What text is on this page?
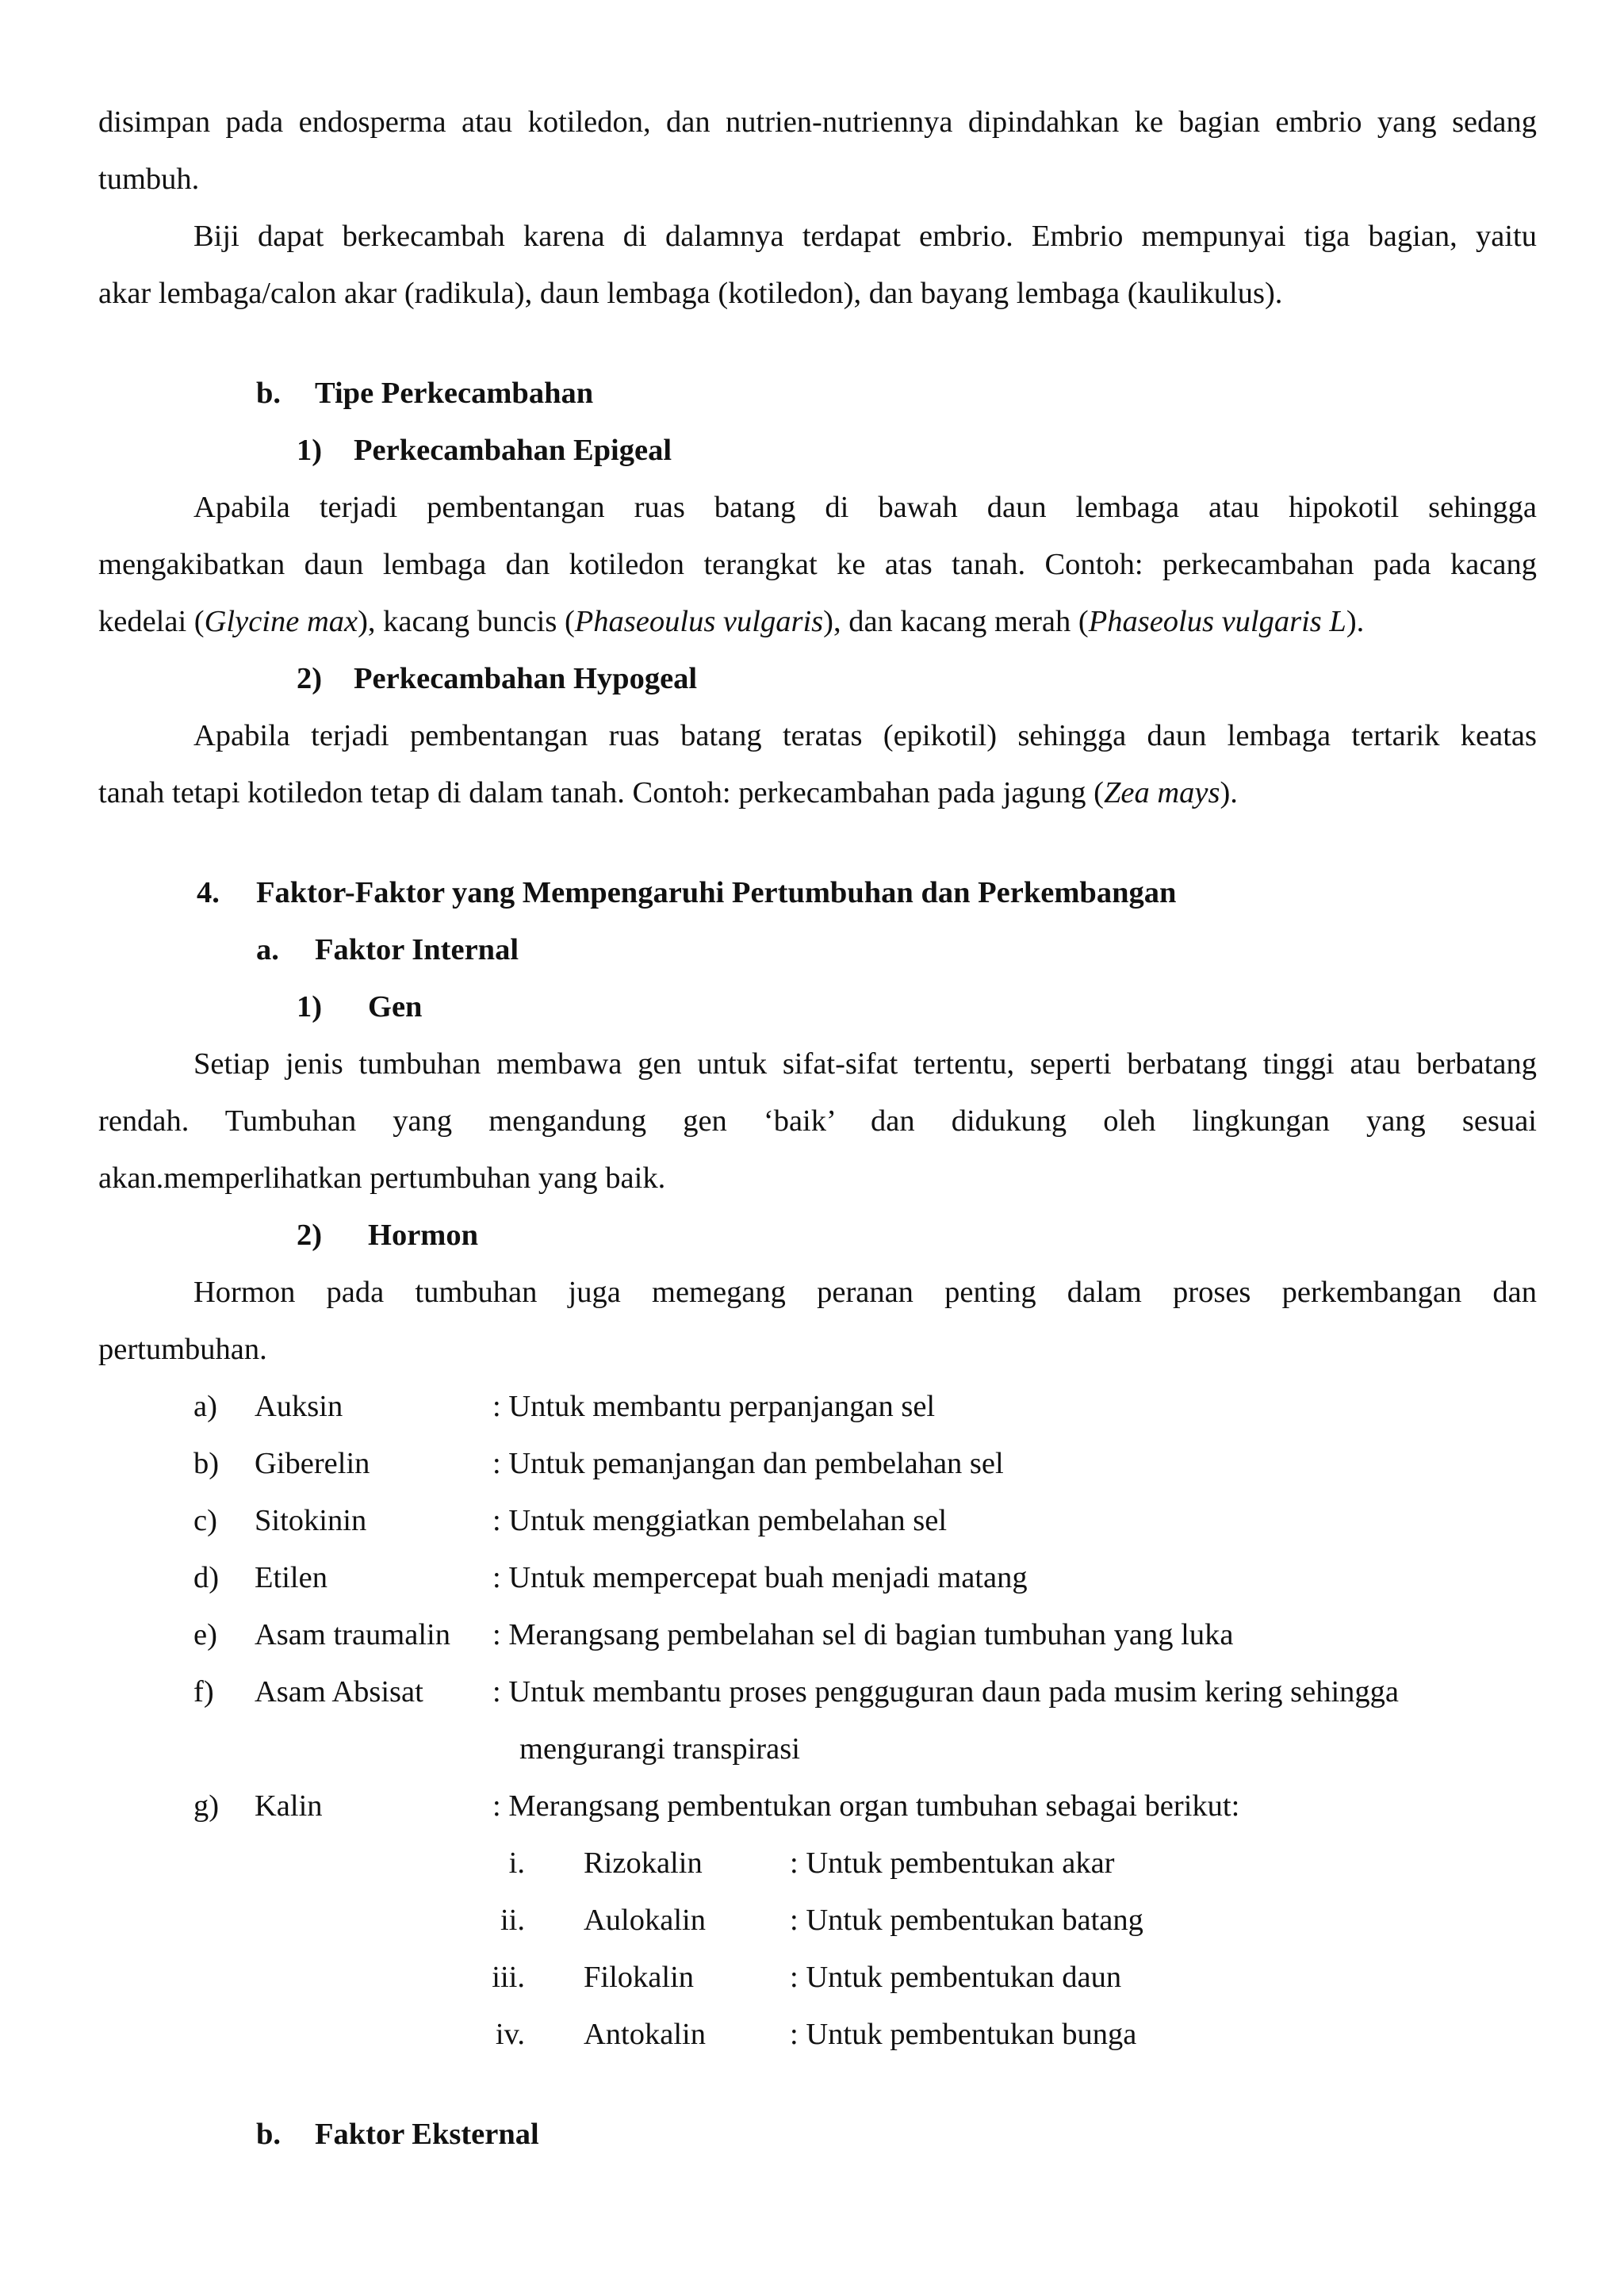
disimpan pada endosperma atau kotiledon, dan nutrien-nutriennya dipindahkan ke bagian embrio yang sedang
tumbuh.
Biji dapat berkecambah karena di dalamnya terdapat embrio. Embrio mempunyai tiga bagian, yaitu
akar lembaga/calon akar (radikula), daun lembaga (kotiledon), dan bayang lembaga (kaulikulus).
b. Tipe Perkecambahan
1) Perkecambahan Epigeal
Apabila terjadi pembentangan ruas batang di bawah daun lembaga atau hipokotil sehingga
mengakibatkan daun lembaga dan kotiledon terangkat ke atas tanah. Contoh: perkecambahan pada kacang
kedelai (Glycine max), kacang buncis (Phaseoulus vulgaris), dan kacang merah (Phaseolus vulgaris L).
2) Perkecambahan Hypogeal
Apabila terjadi pembentangan ruas batang teratas (epikotil) sehingga daun lembaga tertarik keatas
tanah tetapi kotiledon tetap di dalam tanah. Contoh: perkecambahan pada jagung (Zea mays).
4. Faktor-Faktor yang Mempengaruhi Pertumbuhan dan Perkembangan
a. Faktor Internal
1) Gen
Setiap jenis tumbuhan membawa gen untuk sifat-sifat tertentu, seperti berbatang tinggi atau berbatang
rendah. Tumbuhan yang mengandung gen ‘baik’ dan didukung oleh lingkungan yang sesuai
akan.memperlihatkan pertumbuhan yang baik.
2) Hormon
Hormon pada tumbuhan juga memegang peranan penting dalam proses perkembangan dan
pertumbuhan.
a) Auksin	: Untuk membantu perpanjangan sel
b) Giberelin	: Untuk pemanjangan dan pembelahan sel
c) Sitokinin	: Untuk menggiatkan pembelahan sel
d) Etilen	: Untuk mempercepat buah menjadi matang
e) Asam traumalin : Merangsang pembelahan sel di bagian tumbuhan yang luka
f) Asam Absisat : Untuk membantu proses pengguguran daun pada musim kering sehingga
mengurangi transpirasi
g) Kalin	: Merangsang pembentukan organ tumbuhan sebagai berikut:
i. Rizokalin	: Untuk pembentukan akar
ii. Aulokalin	: Untuk pembentukan batang
iii. Filokalin	: Untuk pembentukan daun
iv. Antokalin	: Untuk pembentukan bunga
b. Faktor Eksternal
